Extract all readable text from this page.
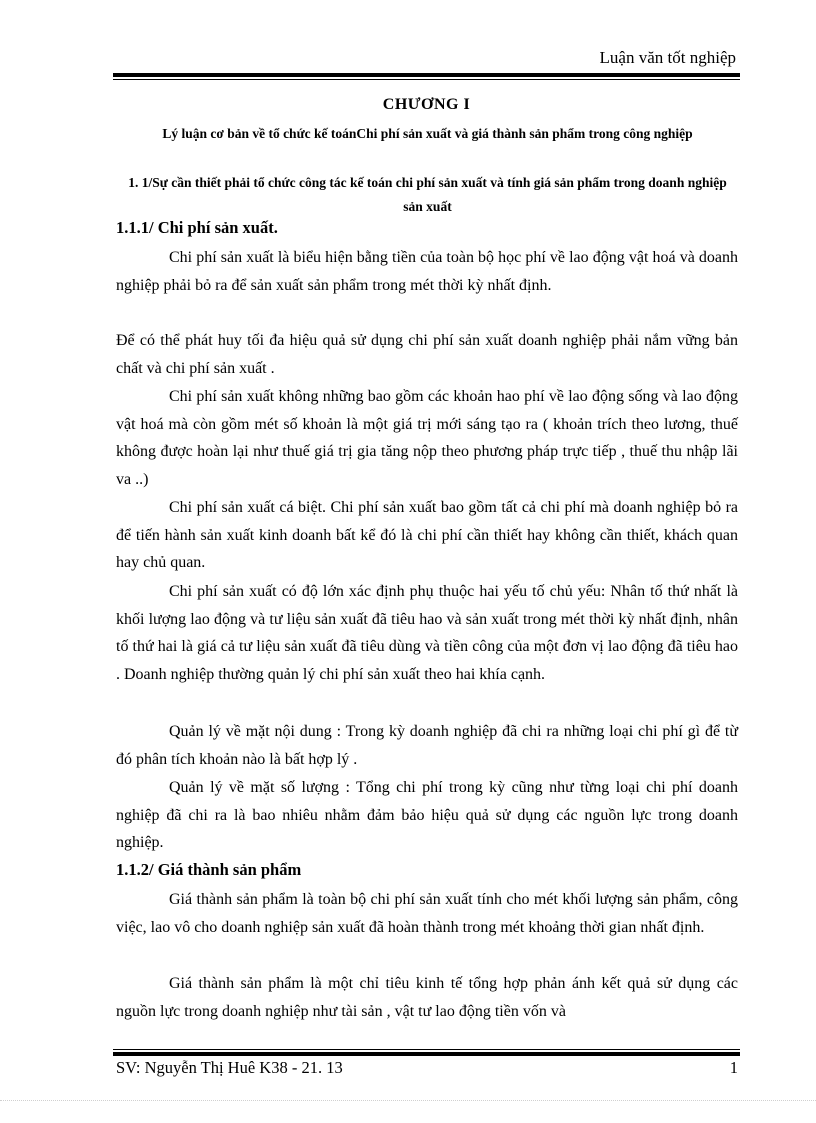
Luận văn tốt nghiệp
CHƯƠNG I
Lý luận cơ bản về tổ chức kế toánChi phí sản xuất và giá thành sản phẩm trong công nghiệp
1. 1/Sự cần thiết phải tổ chức công tác kế toán chi phí sản xuất và tính giá sản phẩm trong doanh nghiệp sản xuất
1.1.1/ Chi phí sản xuất.

Chi phí sản xuất là biểu hiện bằng tiền của toàn bộ học phí về lao động vật hoá và doanh nghiệp phải bỏ ra để sản xuất sản phẩm trong mét thời kỳ nhất định.

Để có thể phát huy tối đa hiệu quả sử dụng chi phí sản xuất doanh nghiệp phải nắm vững bản chất và chi phí sản xuất .

Chi phí sản xuất không những bao gồm các khoản hao phí về lao động sống và lao động vật hoá mà còn gồm mét số khoản là một giá trị mới sáng tạo ra ( khoản trích theo lương, thuế không được hoàn lại như thuế giá trị gia tăng nộp theo phương pháp trực tiếp , thuế thu nhập lãi va ..)

Chi phí sản xuất cá biệt. Chi phí sản xuất bao gồm tất cả chi phí mà doanh nghiệp bỏ ra để tiến hành sản xuất kinh doanh bất kể đó là chi phí cần thiết hay không cần thiết, khách quan hay chủ quan.

Chi phí sản xuất có độ lớn xác định phụ thuộc hai yếu tố chủ yếu: Nhân tố thứ nhất là khối lượng lao động và tư liệu sản xuất đã tiêu hao và sản xuất trong mét thời kỳ nhất định, nhân tố thứ hai là giá cả tư liệu sản xuất đã tiêu dùng và tiền công của một đơn vị lao động đã tiêu hao . Doanh nghiệp thường quản lý chi phí sản xuất theo hai khía cạnh.

Quản lý về mặt nội dung : Trong kỳ doanh nghiệp đã chi ra những loại chi phí gì để từ đó phân tích khoản nào là bất hợp lý .

Quản lý về mặt số lượng : Tổng chi phí trong kỳ cũng như từng loại chi phí doanh nghiệp đã chi ra là bao nhiêu nhằm đảm bảo hiệu quả sử dụng các nguồn lực trong doanh nghiệp.

1.1.2/ Giá thành sản phẩm

Giá thành sản phẩm là toàn bộ chi phí sản xuất tính cho mét khối lượng sản phẩm, công việc, lao vô cho doanh nghiệp sản xuất đã hoàn thành trong mét khoảng thời gian nhất định.

Giá thành sản phẩm là một chỉ tiêu kinh tế tổng hợp phản ánh kết quả sử dụng các nguồn lực trong doanh nghiệp như tài sản , vật tư lao động tiền vốn và

SV: Nguyễn Thị Huê K38 - 21. 13	1
